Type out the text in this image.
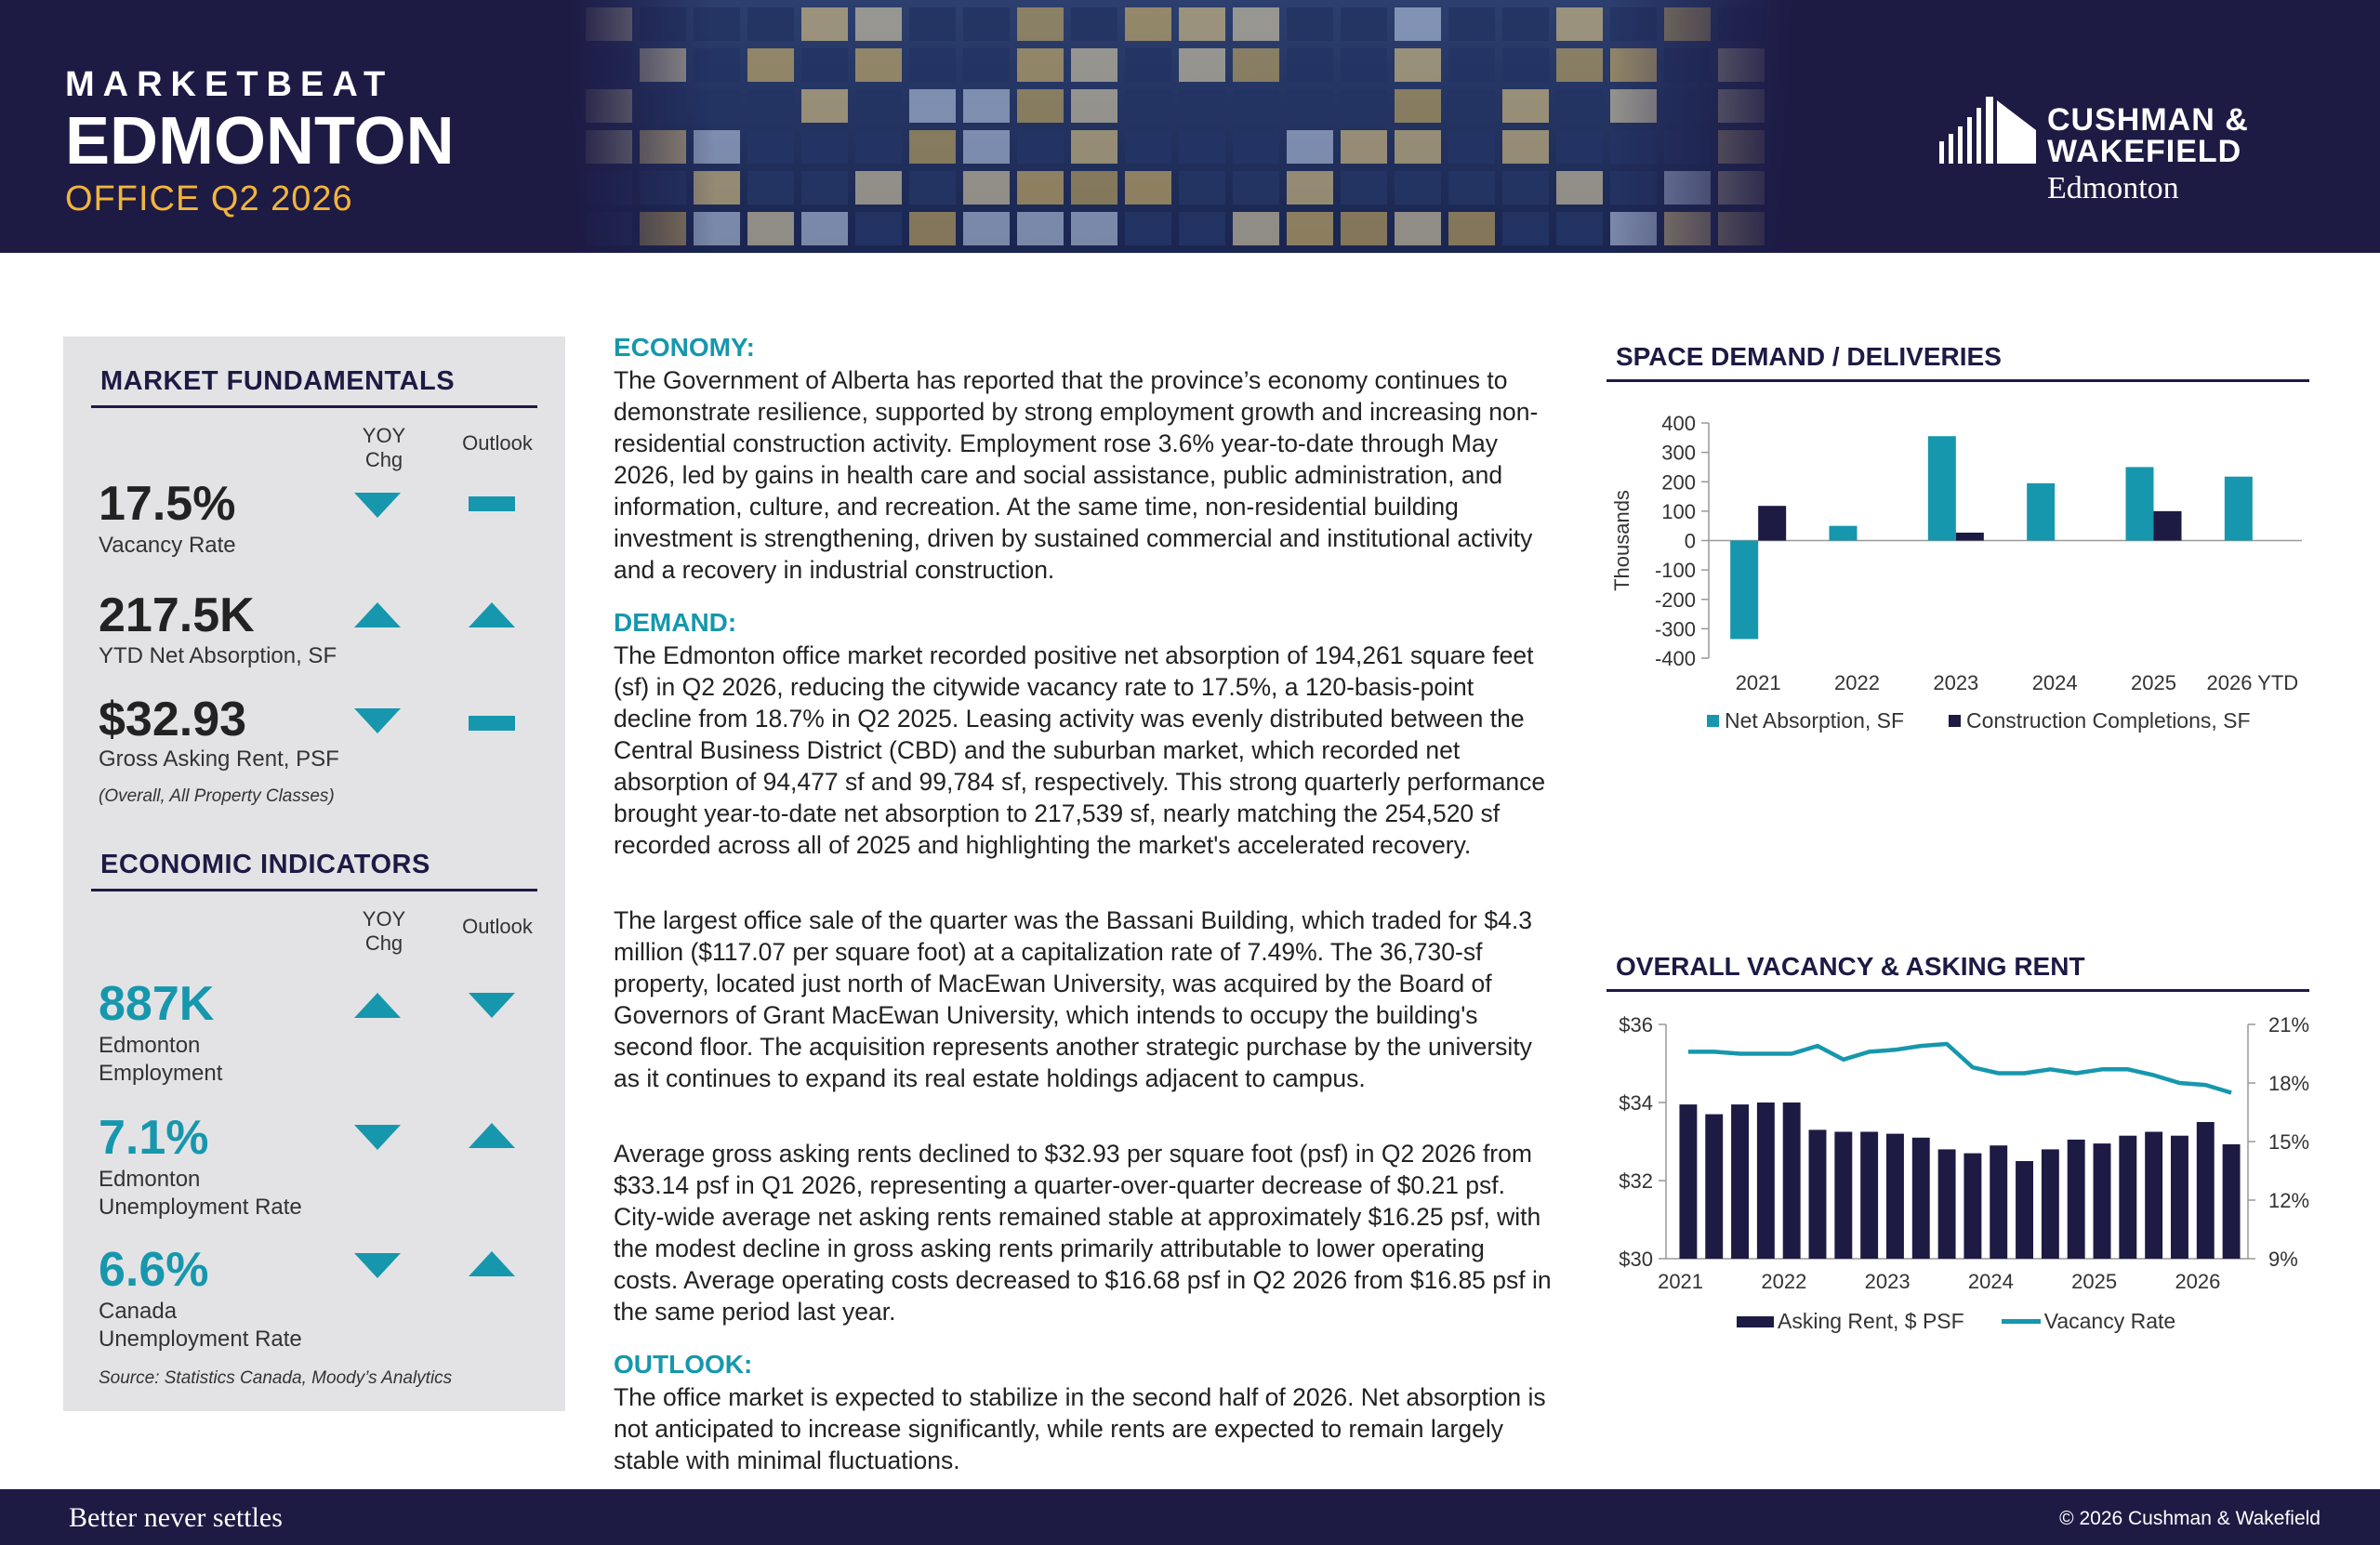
MARKETBEAT
EDMONTON
OFFICE Q2 2026
CUSHMAN &
WAKEFIELD
Edmonton
MARKET FUNDAMENTALS
YOY
Chg
Outlook
17.5%
Vacancy Rate
217.5K
YTD Net Absorption, SF
$32.93
Gross Asking Rent, PSF
(Overall, All Property Classes)
ECONOMIC INDICATORS
YOY
Chg
Outlook
887K
Edmonton
Employment
7.1%
Edmonton
Unemployment Rate
6.6%
Canada
Unemployment Rate
Source: Statistics Canada, Moody’s Analytics
ECONOMY:
The Government of Alberta has reported that the province’s economy continues to demonstrate resilience, supported by strong employment growth and increasing non-residential construction activity. Employment rose 3.6% year-to-date through May 2026, led by gains in health care and social assistance, public administration, and information, culture, and recreation. At the same time, non-residential building investment is strengthening, driven by sustained commercial and institutional activity and a recovery in industrial construction.
DEMAND:
The Edmonton office market recorded positive net absorption of 194,261 square feet (sf) in Q2 2026, reducing the citywide vacancy rate to 17.5%, a 120-basis-point decline from 18.7% in Q2 2025. Leasing activity was evenly distributed between the Central Business District (CBD) and the suburban market, which recorded net absorption of 94,477 sf and 99,784 sf, respectively. This strong quarterly performance brought year-to-date net absorption to 217,539 sf, nearly matching the 254,520 sf recorded across all of 2025 and highlighting the market's accelerated recovery.
The largest office sale of the quarter was the Bassani Building, which traded for $4.3 million ($117.07 per square foot) at a capitalization rate of 7.49%. The 36,730-sf property, located just north of MacEwan University, was acquired by the Board of Governors of Grant MacEwan University, which intends to occupy the building's second floor. The acquisition represents another strategic purchase by the university as it continues to expand its real estate holdings adjacent to campus.
Average gross asking rents declined to $32.93 per square foot (psf) in Q2 2026 from $33.14 psf in Q1 2026, representing a quarter-over-quarter decrease of $0.21 psf. City-wide average net asking rents remained stable at approximately $16.25 psf, with the modest decline in gross asking rents primarily attributable to lower operating costs. Average operating costs decreased to $16.68 psf in Q2 2026 from $16.85 psf in the same period last year.
OUTLOOK:
The office market is expected to stabilize in the second half of 2026. Net absorption is not anticipated to increase significantly, while rents are expected to remain largely stable with minimal fluctuations.
SPACE DEMAND / DELIVERIES
400
300
200
100
0
-100
-200
-300
-400
Thousands
2021	2022	2023	2024	2025 2026 YTD
Net Absorption, SF	Construction Completions, SF
OVERALL VACANCY & ASKING RENT
$36
$34
$32
$30
21%
18%
15%
12%
9%
2021	2022	2023	2024	2025	2026
Asking Rent, $ PSF	Vacancy Rate
Better never settles	© 2026 Cushman & Wakefield
